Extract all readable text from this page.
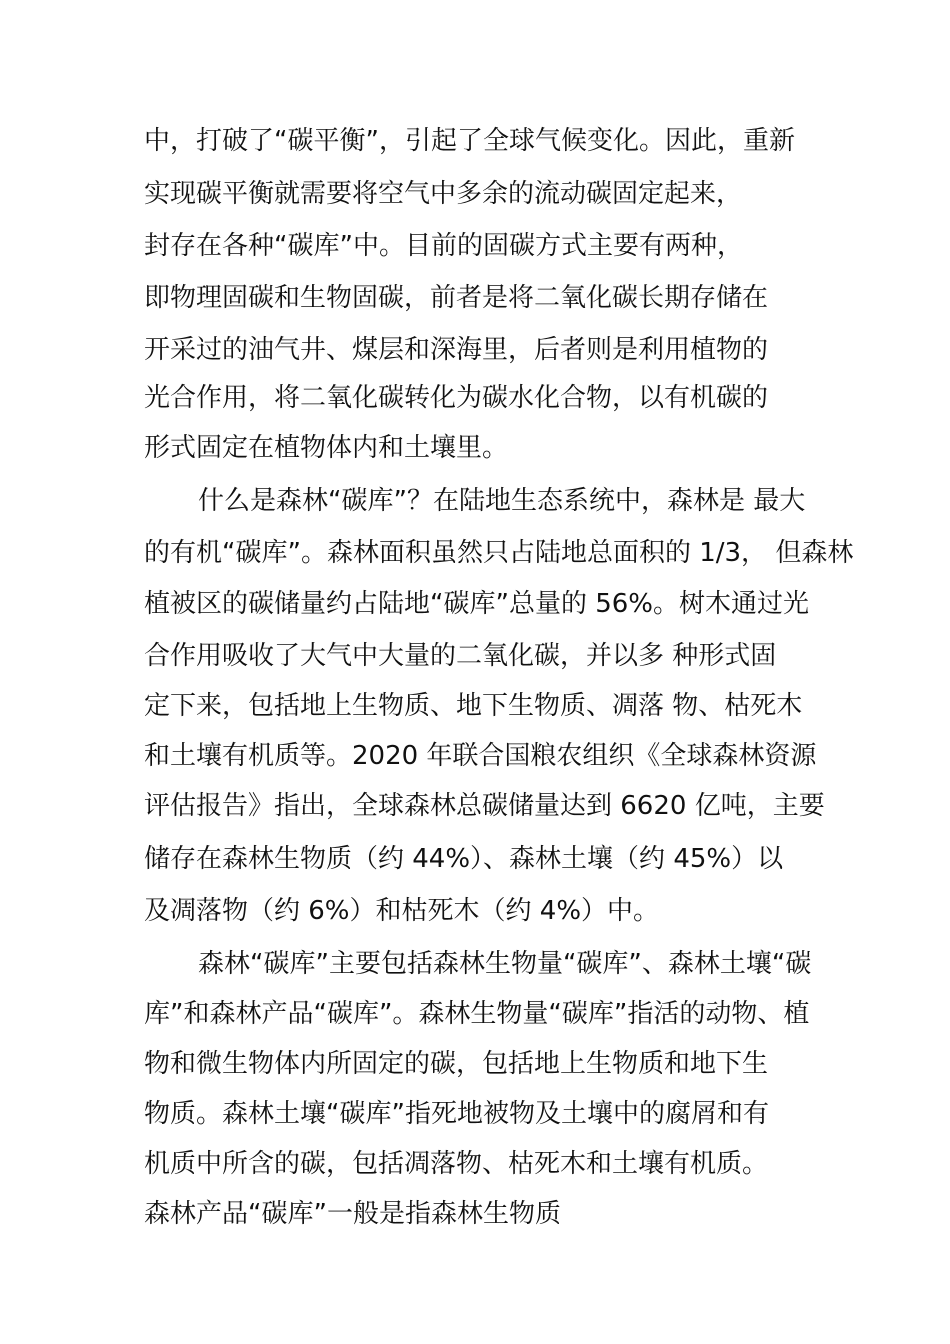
中，打破了“碳平衡”，引起了全球气候变化。因此，重新
实现碳平衡就需要将空气中多余的流动碳固定起来，
封存在各种“碳库”中。目前的固碳方式主要有两种，
即物理固碳和生物固碳，前者是将二氧化碳长期存储在
开采过的油气井、煤层和深海里，后者则是利用植物的
光合作用，将二氧化碳转化为碳水化合物，以有机碳的
形式固定在植物体内和土壤里。
什么是森林“碳库”？在陆地生态系统中，森林是 最大
的有机“碳库”。森林面积虽然只占陆地总面积的 1/3， 但森林
植被区的碳储量约占陆地“碳库”总量的 56%。树木通过光
合作用吸收了大气中大量的二氧化碳，并以多 种形式固
定下来，包括地上生物质、地下生物质、凋落 物、枯死木
和土壤有机质等。2020 年联合国粮农组织《全球森林资源
评估报告》指出，全球森林总碳储量达到 6620 亿吨，主要
储存在森林生物质（约 44%）、森林土壤（约 45%）以
及凋落物（约 6%）和枯死木（约 4%）中。
森林“碳库”主要包括森林生物量“碳库”、森林土壤“碳
库”和森林产品“碳库”。森林生物量“碳库”指活的动物、植
物和微生物体内所固定的碳，包括地上生物质和地下生
物质。森林土壤“碳库”指死地被物及土壤中的腐屑和有
机质中所含的碳，包括凋落物、枯死木和土壤有机质。
森林产品“碳库”一般是指森林生物质
